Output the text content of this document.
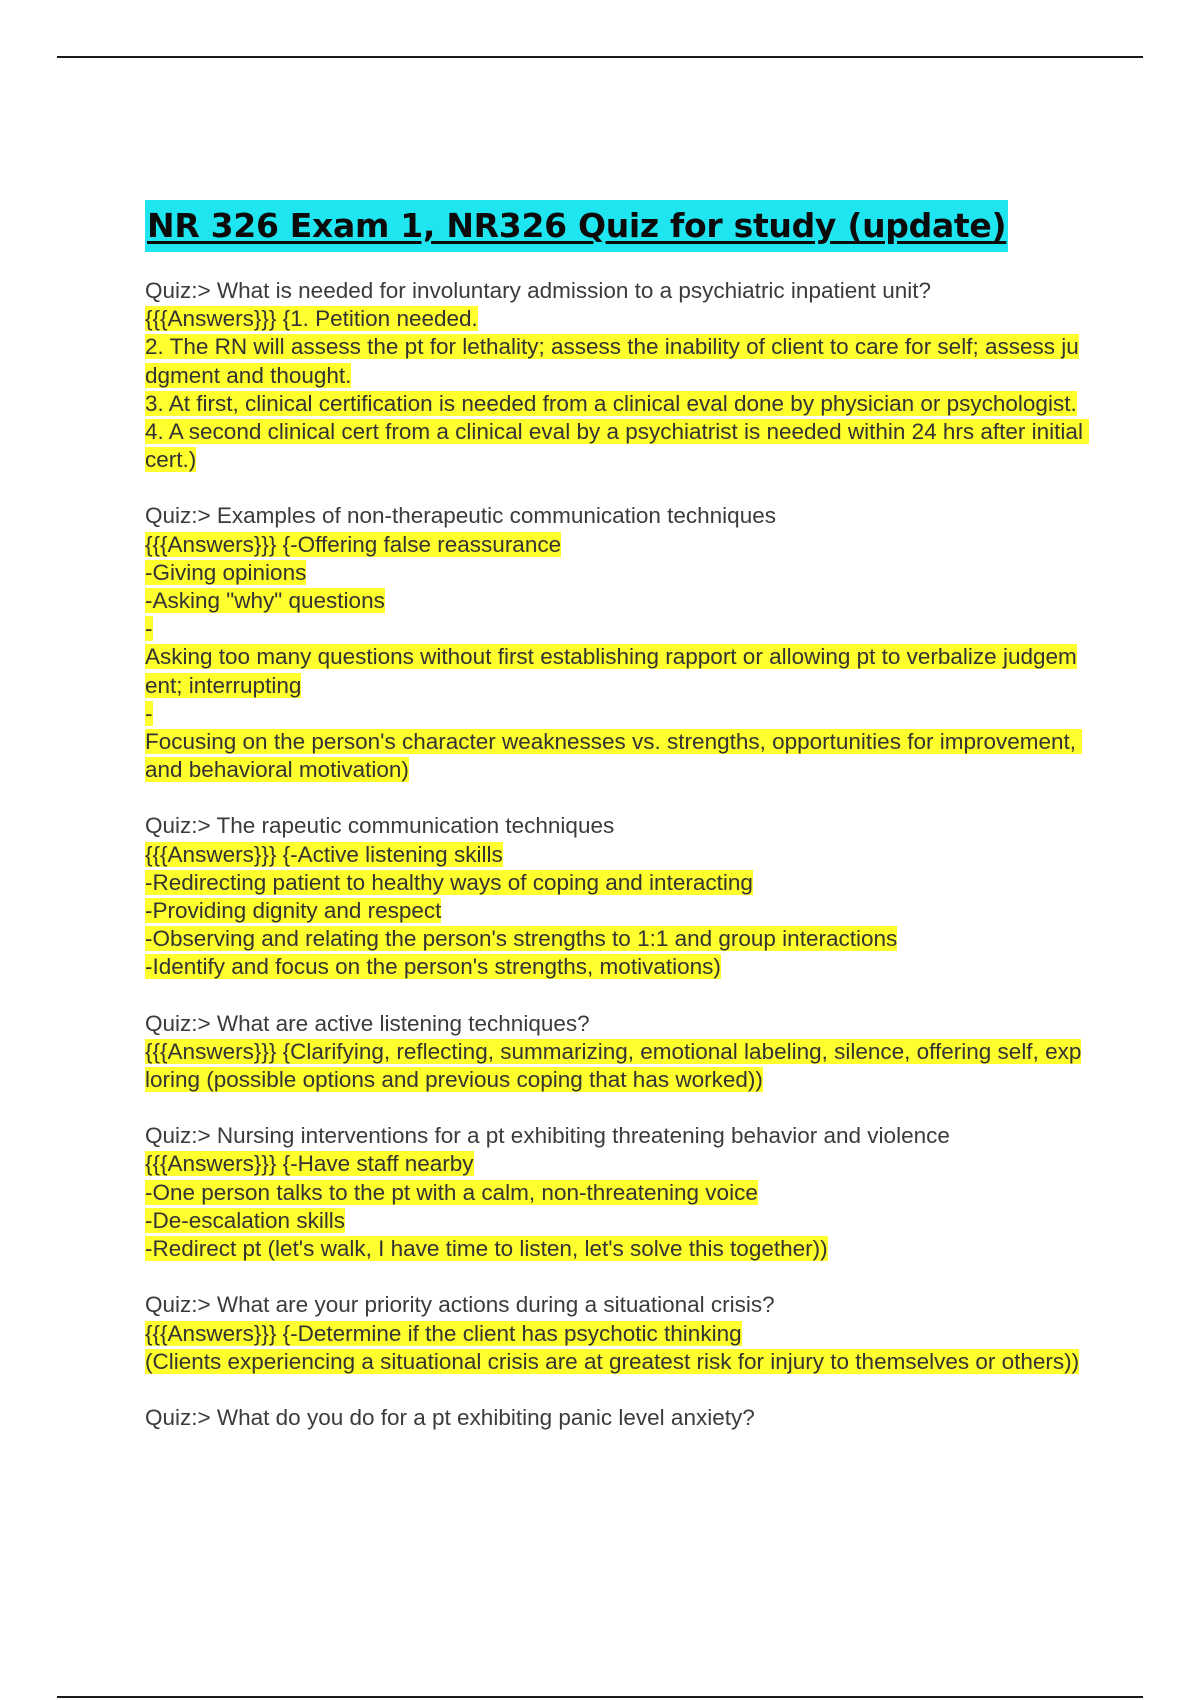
NR 326 Exam 1, NR326 Quiz for study (update)
Quiz:> What is needed for involuntary admission to a psychiatric inpatient unit?
{{{Answers}}} {1. Petition needed.
2. The RN will assess the pt for lethality; assess the inability of client to care for self; assess judgment and thought.
3. At first, clinical certification is needed from a clinical eval done by physician or psychologist.
4. A second clinical cert from a clinical eval by a psychiatrist is needed within 24 hrs after initial cert.)
Quiz:> Examples of non-therapeutic communication techniques
{{{Answers}}} {-Offering false reassurance
-Giving opinions
-Asking "why" questions
-
Asking too many questions without first establishing rapport or allowing pt to verbalize judgement; interrupting
-
Focusing on the person's character weaknesses vs. strengths, opportunities for improvement, and behavioral motivation)
Quiz:> The rapeutic communication techniques
{{{Answers}}} {-Active listening skills
-Redirecting patient to healthy ways of coping and interacting
-Providing dignity and respect
-Observing and relating the person's strengths to 1:1 and group interactions
-Identify and focus on the person's strengths, motivations)
Quiz:> What are active listening techniques?
{{{Answers}}} {Clarifying, reflecting, summarizing, emotional labeling, silence, offering self, exploring (possible options and previous coping that has worked))
Quiz:> Nursing interventions for a pt exhibiting threatening behavior and violence
{{{Answers}}} {-Have staff nearby
-One person talks to the pt with a calm, non-threatening voice
-De-escalation skills
-Redirect pt (let's walk, I have time to listen, let's solve this together))
Quiz:> What are your priority actions during a situational crisis?
{{{Answers}}} {-Determine if the client has psychotic thinking
(Clients experiencing a situational crisis are at greatest risk for injury to themselves or others))
Quiz:> What do you do for a pt exhibiting panic level anxiety?
